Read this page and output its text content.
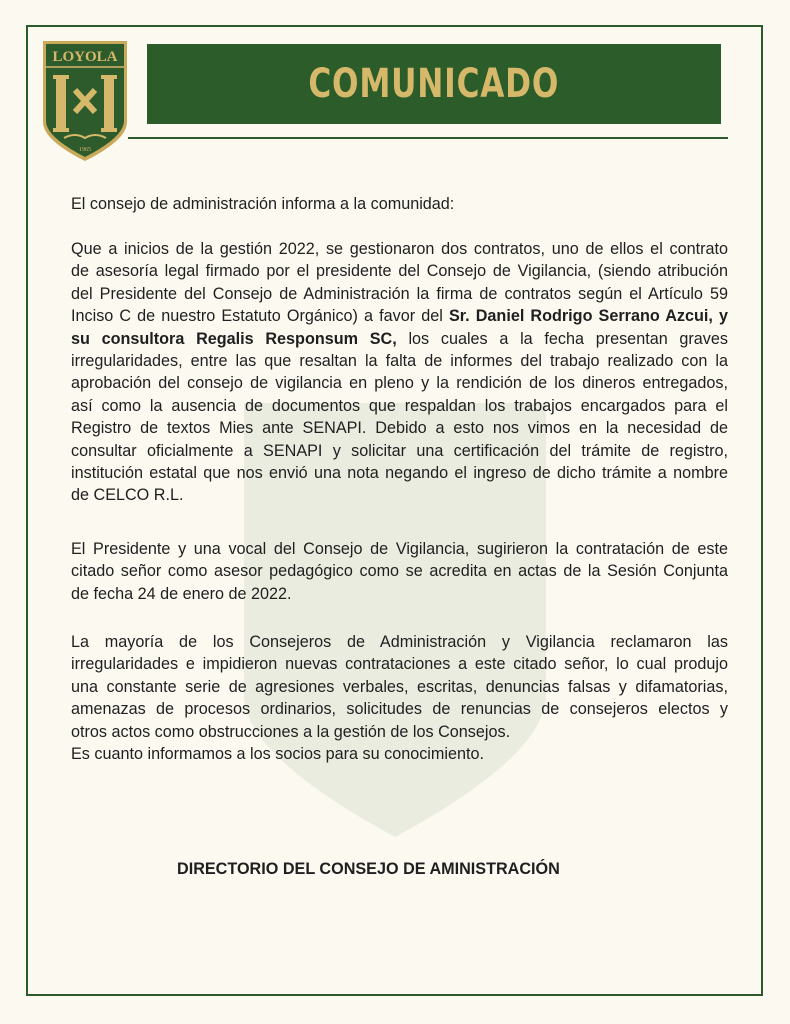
1965
LOYOLA
1965
COMUNICADO
El consejo de administración informa a la comunidad:
Que a inicios de la gestión 2022, se gestionaron dos contratos, uno de ellos el contrato
de asesoría legal firmado por el presidente del Consejo de Vigilancia, (siendo atribución
del Presidente del Consejo de Administración la firma de contratos según el Artículo 59
Inciso C de nuestro Estatuto Orgánico) a favor del Sr. Daniel Rodrigo Serrano Azcui, y
su consultora Regalis Responsum SC, los cuales a la fecha presentan graves
irregularidades, entre las que resaltan la falta de informes del trabajo realizado con la
aprobación del consejo de vigilancia en pleno y la rendición de los dineros entregados,
así como la ausencia de documentos que respaldan los trabajos encargados para el
Registro de textos Mies ante SENAPI. Debido a esto nos vimos en la necesidad de
consultar oficialmente a SENAPI y solicitar una certificación del trámite de registro,
institución estatal que nos envió una nota negando el ingreso de dicho trámite a nombre
de CELCO R.L.
El Presidente y una vocal del Consejo de Vigilancia, sugirieron la contratación de este
citado señor como asesor pedagógico como se acredita en actas de la Sesión Conjunta
de fecha 24 de enero de 2022.
La mayoría de los Consejeros de Administración y Vigilancia reclamaron las
irregularidades e impidieron nuevas contrataciones a este citado señor, lo cual produjo
una constante serie de agresiones verbales, escritas, denuncias falsas y difamatorias,
amenazas de procesos ordinarios, solicitudes de renuncias de consejeros electos y
otros actos como obstrucciones a la gestión de los Consejos.
Es cuanto informamos a los socios para su conocimiento.
DIRECTORIO DEL CONSEJO DE AMINISTRACIÓN
